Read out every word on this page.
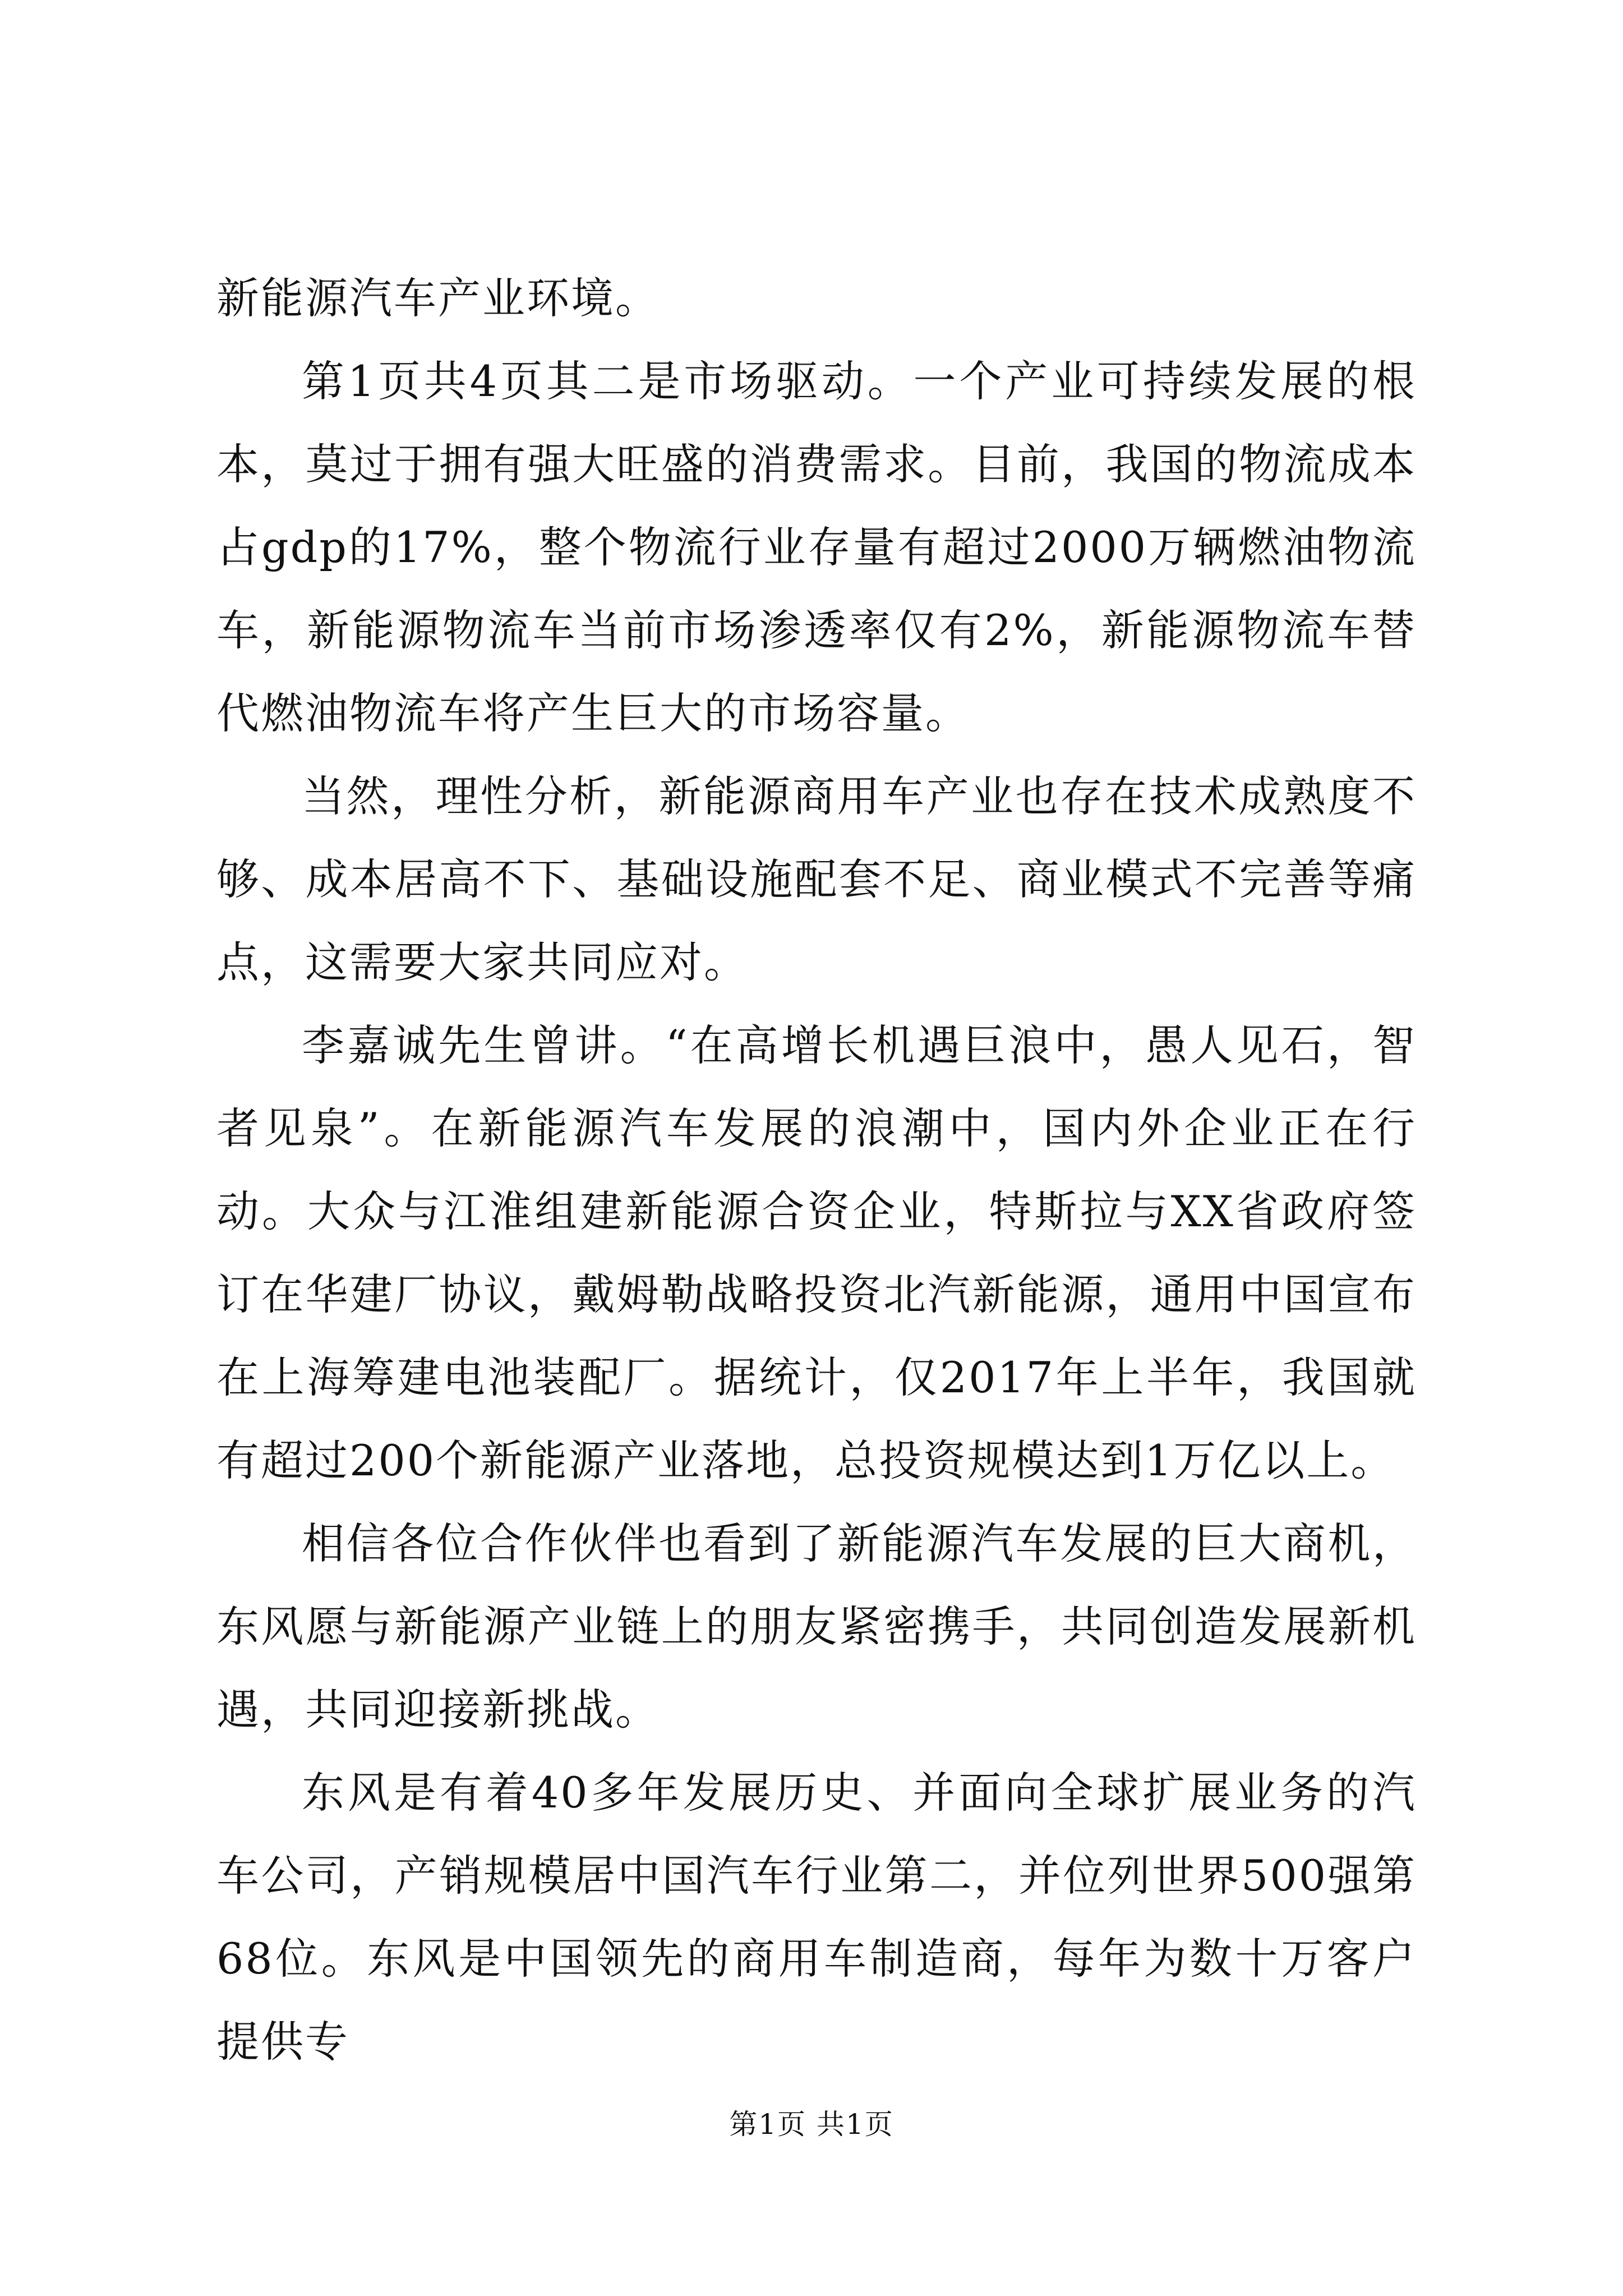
新能源汽车产业环境。

第1页共4页其二是市场驱动。一个产业可持续发展的根本，莫过于拥有强大旺盛的消费需求。目前，我国的物流成本占gdp的17%，整个物流行业存量有超过2000万辆燃油物流车，新能源物流车当前市场渗透率仅有2%，新能源物流车替代燃油物流车将产生巨大的市场容量。

当然，理性分析，新能源商用车产业也存在技术成熟度不够、成本居高不下、基础设施配套不足、商业模式不完善等痛点，这需要大家共同应对。

李嘉诚先生曾讲。“在高增长机遇巨浪中，愚人见石，智者见泉”。在新能源汽车发展的浪潮中，国内外企业正在行动。大众与江淮组建新能源合资企业，特斯拉与XX省政府签订在华建厂协议，戴姆勒战略投资北汽新能源，通用中国宣布在上海筹建电池装配厂。据统计，仅2017年上半年，我国就有超过200个新能源产业落地，总投资规模达到1万亿以上。

相信各位合作伙伴也看到了新能源汽车发展的巨大商机，东风愿与新能源产业链上的朋友紧密携手，共同创造发展新机遇，共同迎接新挑战。

东风是有着40多年发展历史、并面向全球扩展业务的汽车公司，产销规模居中国汽车行业第二，并位列世界500强第68位。东风是中国领先的商用车制造商，每年为数十万客户提供专

第1页 共1页
